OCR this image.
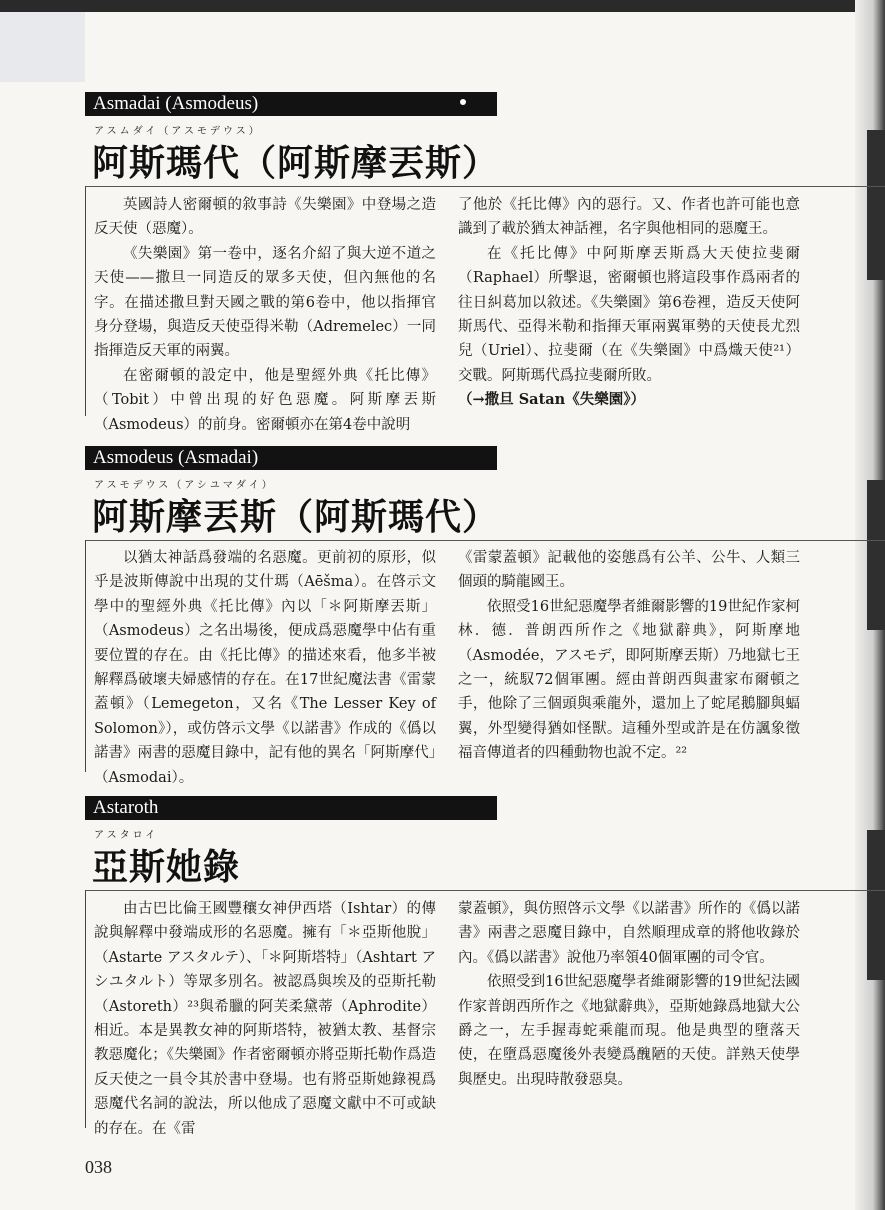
Asmadai (Asmodeus)
アスムダイ（アスモデウス）
阿斯瑪代（阿斯摩丟斯）

英國詩人密爾頓的敘事詩《失樂園》中登場之造反天使（惡魔）。

《失樂園》第一卷中，逐名介紹了與大逆不道之天使——撒旦一同造反的眾多天使，但內無他的名字。在描述撒旦對天國之戰的第6卷中，他以指揮官身分登場，與造反天使亞得米勒（Adremelec）一同指揮造反天軍的兩翼。

在密爾頓的設定中，他是聖經外典《托比傳》（Tobit）中曾出現的好色惡魔。阿斯摩丟斯（Asmodeus）的前身。密爾頓亦在第4卷中說明

了他於《托比傳》內的惡行。又、作者也許可能也意識到了載於猶太神話裡，名字與他相同的惡魔王。

在《托比傳》中阿斯摩丟斯爲大天使拉斐爾（Raphael）所擊退，密爾頓也將這段事作爲兩者的往日糾葛加以敘述。《失樂園》第6卷裡，造反天使阿斯馬代、亞得米勒和指揮天軍兩翼軍勢的天使長尤烈兒（Uriel）、拉斐爾（在《失樂園》中爲熾天使²¹）交戰。阿斯瑪代爲拉斐爾所敗。

（→撒旦 Satan《失樂園》）

Asmodeus (Asmadai)
アスモデウス（アシユマダイ）
阿斯摩丟斯（阿斯瑪代）

以猶太神話爲發端的名惡魔。更前初的原形，似乎是波斯傳說中出現的艾什瑪（Aēšma）。在啓示文學中的聖經外典《托比傳》內以「＊阿斯摩丟斯」（Asmodeus）之名出場後，便成爲惡魔學中佔有重要位置的存在。由《托比傳》的描述來看，他多半被解釋爲破壞夫婦感情的存在。在17世紀魔法書《雷蒙蓋頓》（Lemegeton，又名《The Lesser Key of Solomon》），或仿啓示文學《以諾書》作成的《僞以諾書》兩書的惡魔目錄中，記有他的異名「阿斯摩代」（Asmodai）。

《雷蒙蓋頓》記載他的姿態爲有公羊、公牛、人類三個頭的騎龍國王。

依照受16世紀惡魔學者維爾影響的19世紀作家柯林．德．普朗西所作之《地獄辭典》，阿斯摩地（Asmodée，アスモデ，即阿斯摩丟斯）乃地獄七王之一，統馭72個軍團。經由普朗西與畫家布爾頓之手，他除了三個頭與乘龍外，還加上了蛇尾鵝腳與蝠翼，外型變得猶如怪獸。這種外型或許是在仿諷象徵福音傳道者的四種動物也說不定。²²

Astaroth
アスタロイ
亞斯她錄

由古巴比倫王國豐穰女神伊西塔（Ishtar）的傳說與解釋中發端成形的名惡魔。擁有「＊亞斯他脫」（Astarte アスタルテ）、「＊阿斯塔特」（Ashtart アシユタルト）等眾多別名。被認爲與埃及的亞斯托勒（Astoreth）²³與希臘的阿芙柔黛蒂（Aphrodite）相近。本是異教女神的阿斯塔特，被猶太教、基督宗教惡魔化；《失樂園》作者密爾頓亦將亞斯托勒作爲造反天使之一員令其於書中登場。也有將亞斯她錄視爲惡魔代名詞的說法，所以他成了惡魔文獻中不可或缺的存在。在《雷

蒙蓋頓》，與仿照啓示文學《以諾書》所作的《僞以諾書》兩書之惡魔目錄中，自然順理成章的將他收錄於內。《僞以諾書》說他乃率領40個軍團的司令官。

依照受到16世紀惡魔學者維爾影響的19世紀法國作家普朗西所作之《地獄辭典》，亞斯她錄爲地獄大公爵之一，左手握毒蛇乘龍而現。他是典型的墮落天使，在墮爲惡魔後外表變爲醜陋的天使。詳熟天使學與歷史。出現時散發惡臭。

038
